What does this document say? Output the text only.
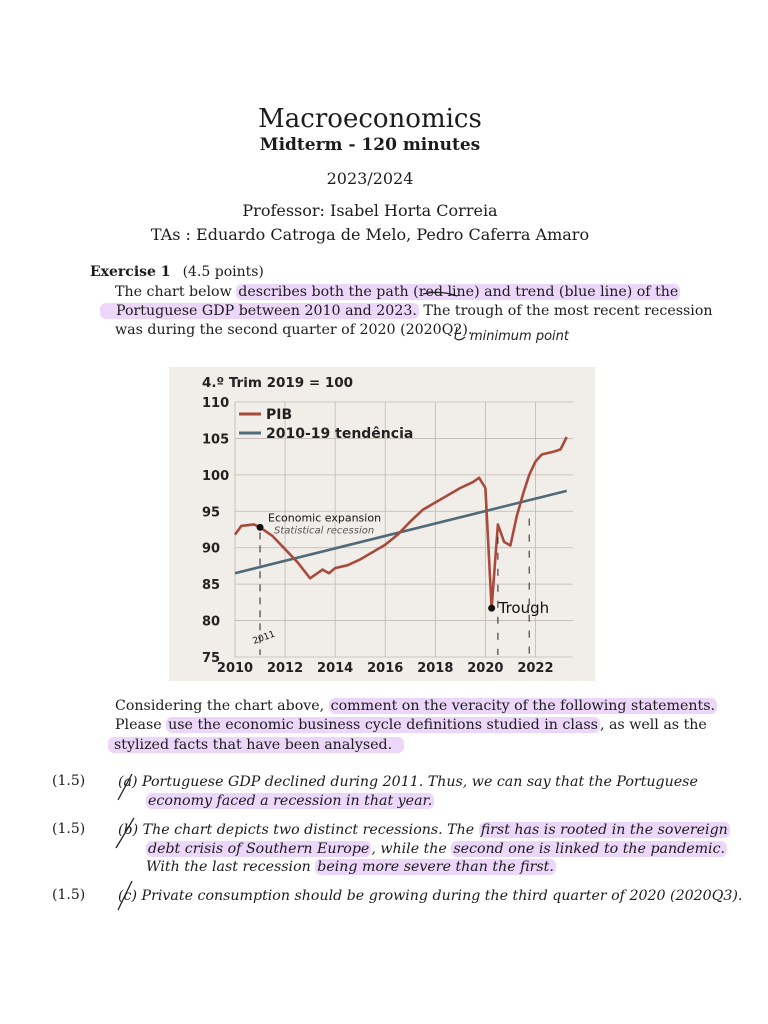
Macroeconomics
Midterm - 120 minutes
2023/2024
Professor: Isabel Horta Correia
TAs : Eduardo Catroga de Melo, Pedro Caferra Amaro
Exercise 1 (4.5 points)
The chart below describes both the path (red line) and trend (blue line) of the
Portuguese GDP between 2010 and 2023. The trough of the most recent recession
was during the second quarter of 2020 (2020Q2).
minimum point
75
80
85
90
95
100
105
110
2010 2012 2014 2016 2018 2020 2022
Economic expansion
Statistical recession
2011
Trough
4.º Trim 2019 = 100
PIB
2010-19 tendência
Considering the chart above, comment on the veracity of the following statements.
Please use the economic business cycle definitions studied in class , as well as the
stylized facts that have been analysed.
(1.5) (a) Portuguese GDP declined during 2011. Thus, we can say that the Portuguese
economy faced a recession in that year.
(1.5) (b) The chart depicts two distinct recessions. The first has is rooted in the sovereign
debt crisis of Southern Europe , while the second one is linked to the pandemic.
With the last recession being more severe than the first.
(1.5) (c) Private consumption should be growing during the third quarter of 2020 (2020Q3).
